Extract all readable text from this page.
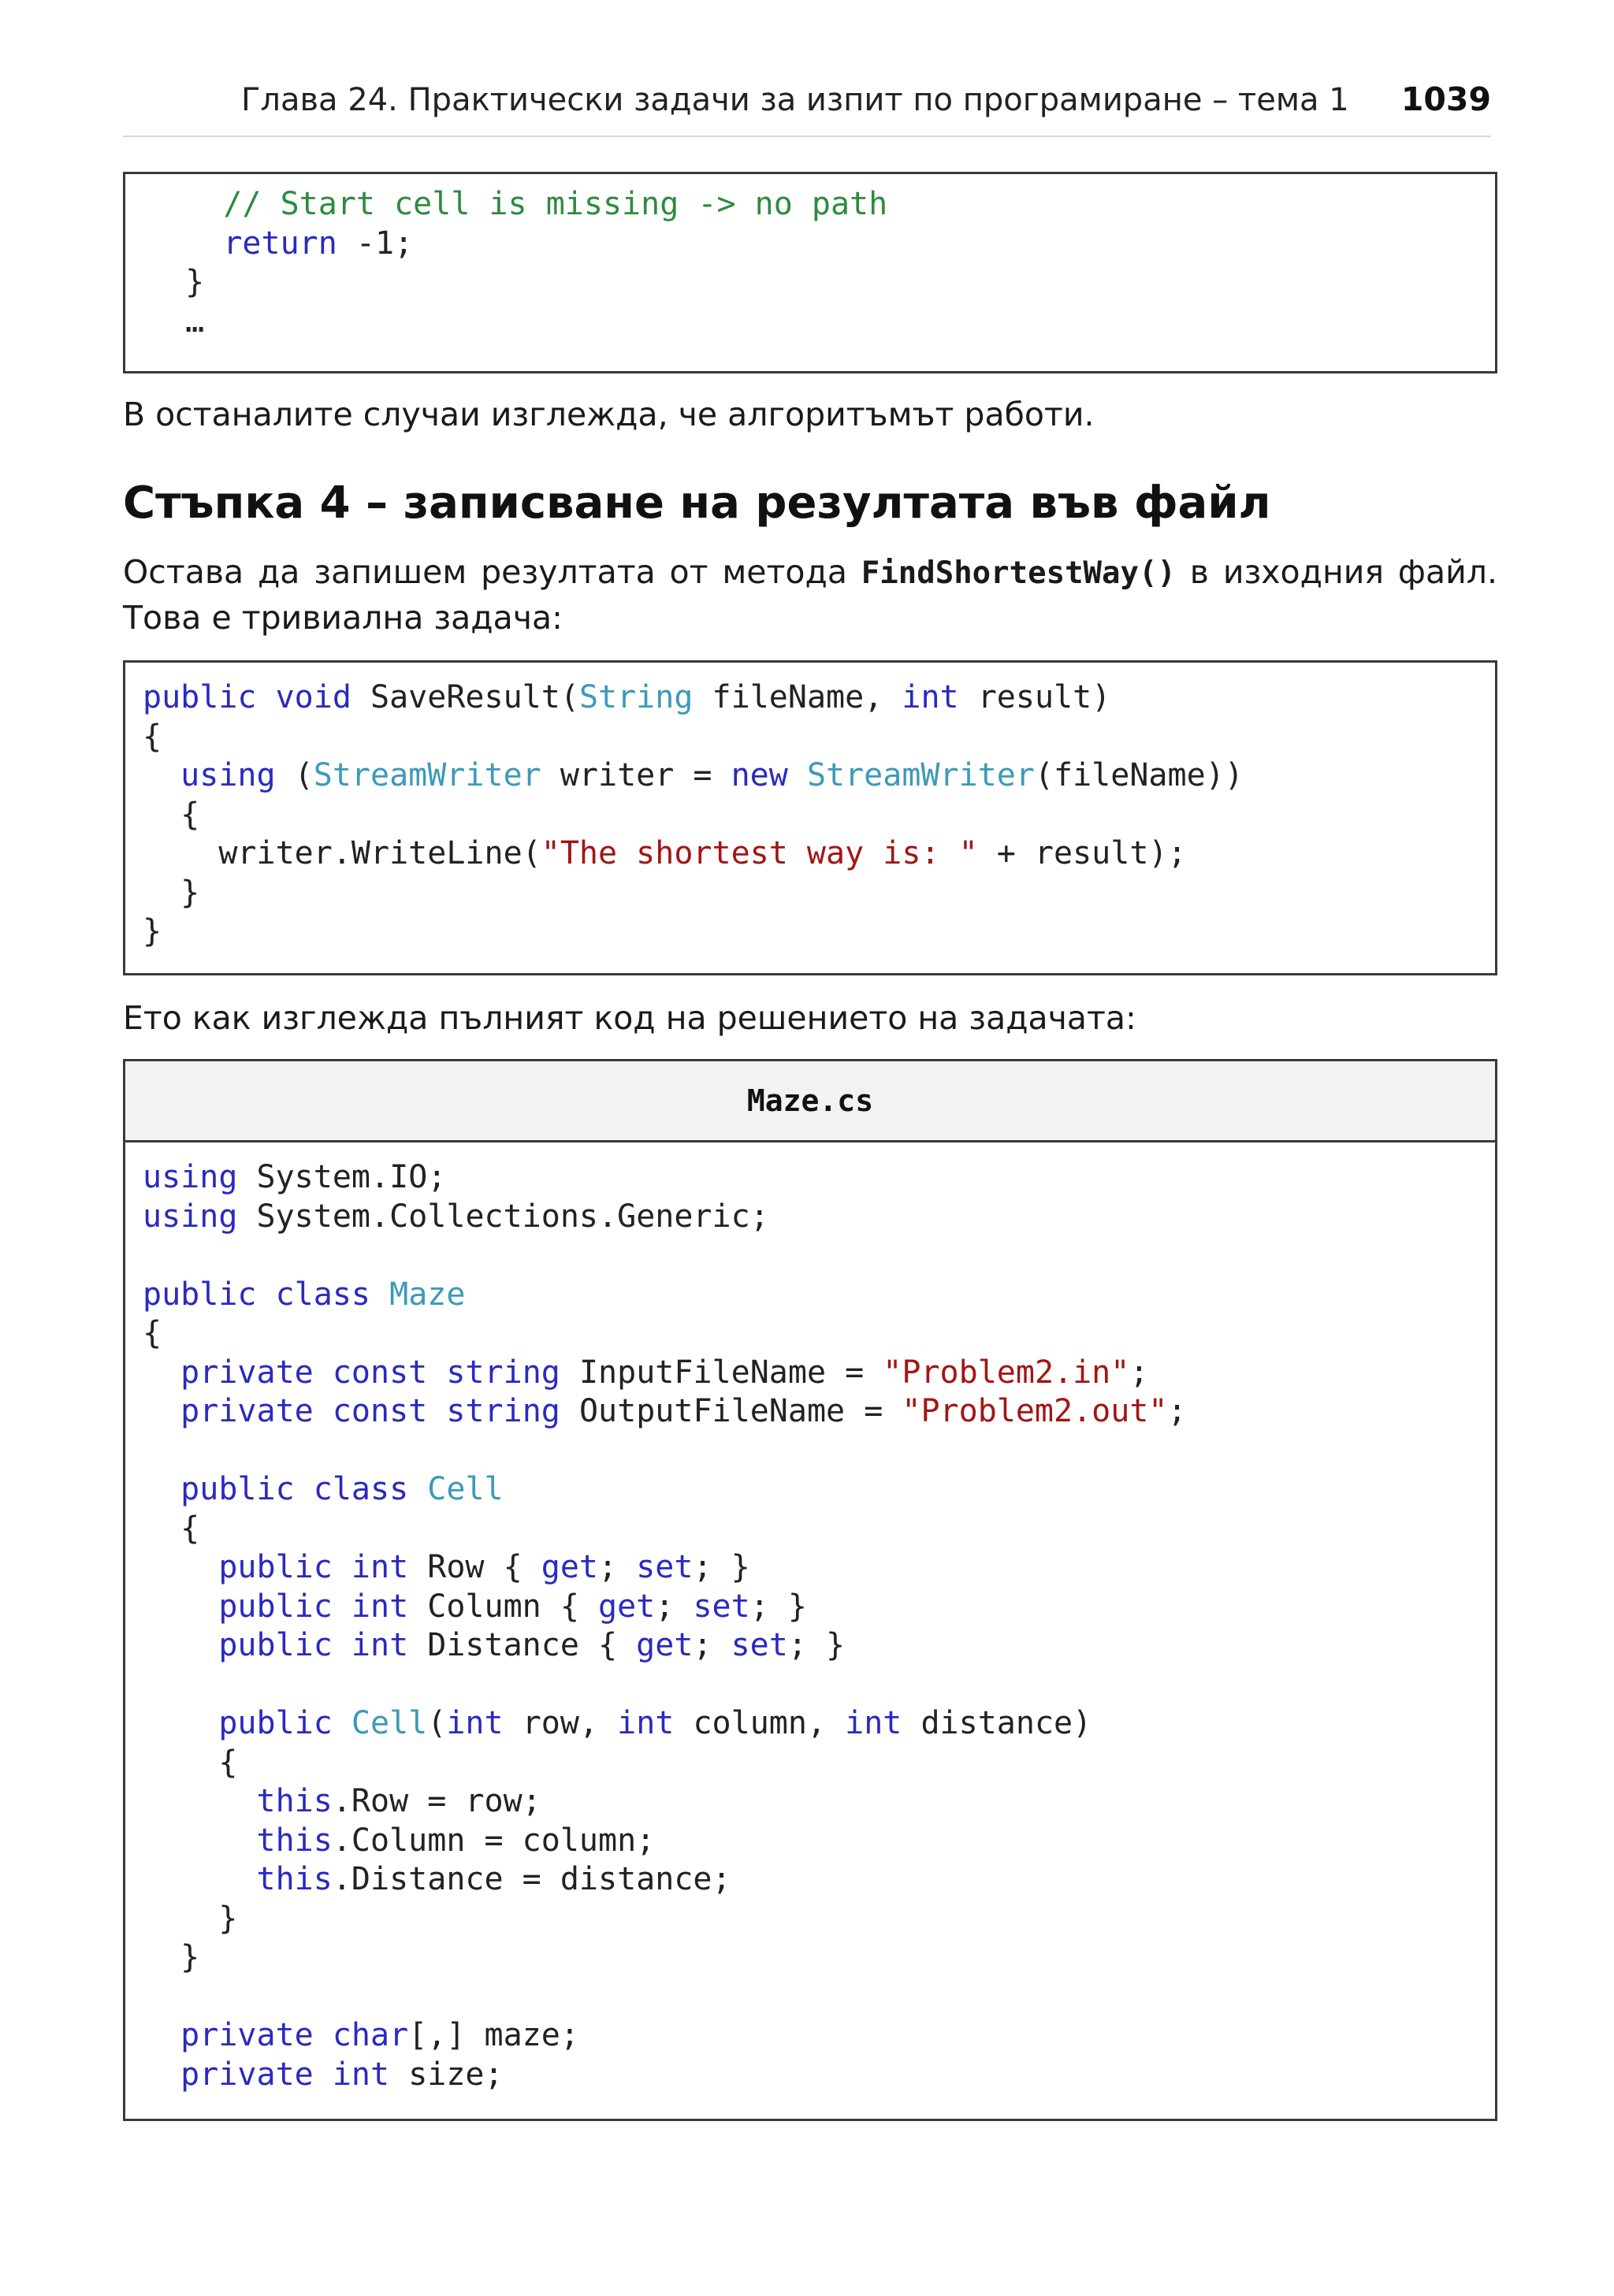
Глава 24. Практически задачи за изпит по програмиране – тема 1 1039
// Start cell is missing -> no path
return -1;
}
…
В останалите случаи изглежда, че алгоритъмът работи.
Стъпка 4 – записване на резултата във файл
Остава да запишем резултата от метода FindShortestWay() в изходния файл. Това е тривиална задача:
public void SaveResult(String fileName, int result)
{
using (StreamWriter writer = new StreamWriter(fileName))
{
writer.WriteLine("The shortest way is: " + result);
}
}
Ето как изглежда пълният код на решението на задачата:
Maze.cs
using System.IO;
using System.Collections.Generic;
public class Maze
{
private const string InputFileName = "Problem2.in";
private const string OutputFileName = "Problem2.out";
public class Cell
{
public int Row { get; set; }
public int Column { get; set; }
public int Distance { get; set; }
public Cell(int row, int column, int distance)
{
this.Row = row;
this.Column = column;
this.Distance = distance;
}
}
private char[,] maze;
private int size;
